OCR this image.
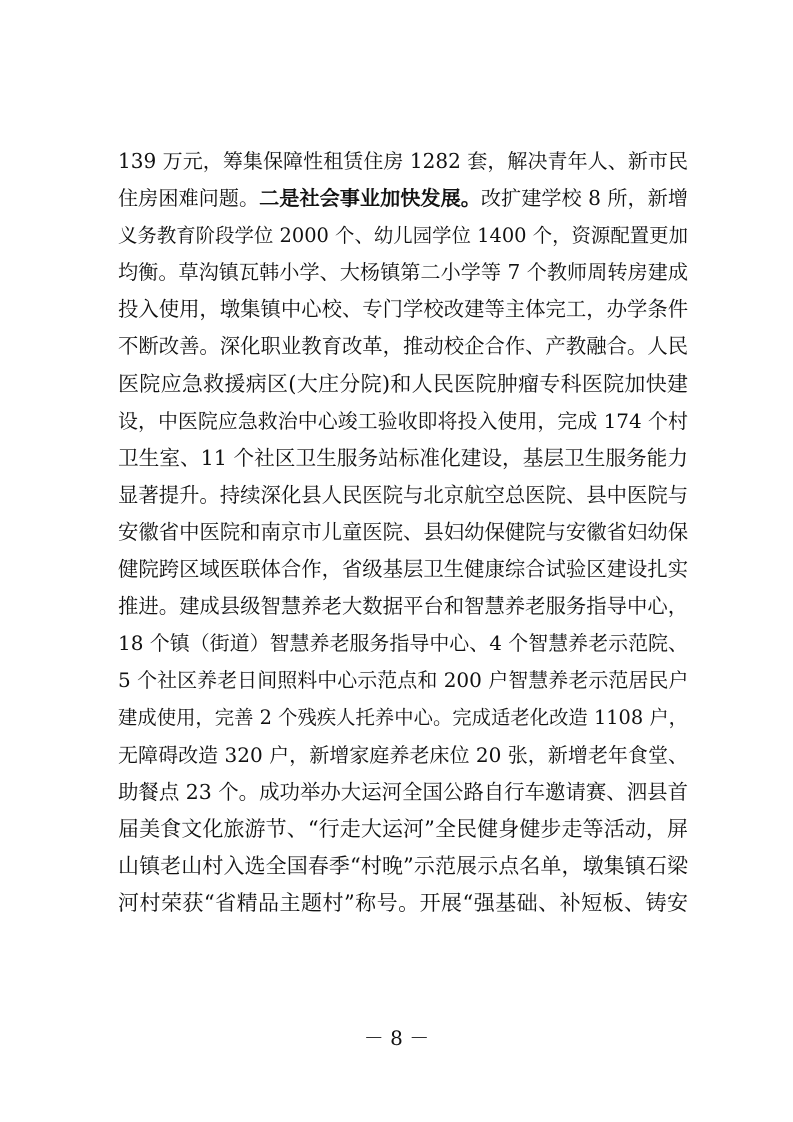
139 万元，筹集保障性租赁住房 1282 套，解决青年人、新市民
住房困难问题。二是社会事业加快发展。改扩建学校 8 所，新增
义务教育阶段学位 2000 个、幼儿园学位 1400 个，资源配置更加
均衡。草沟镇瓦韩小学、大杨镇第二小学等 7 个教师周转房建成
投入使用，墩集镇中心校、专门学校改建等主体完工，办学条件
不断改善。深化职业教育改革，推动校企合作、产教融合。人民
医院应急救援病区(大庄分院)和人民医院肿瘤专科医院加快建
设，中医院应急救治中心竣工验收即将投入使用，完成 174 个村
卫生室、11 个社区卫生服务站标准化建设，基层卫生服务能力
显著提升。持续深化县人民医院与北京航空总医院、县中医院与
安徽省中医院和南京市儿童医院、县妇幼保健院与安徽省妇幼保
健院跨区域医联体合作，省级基层卫生健康综合试验区建设扎实
推进。建成县级智慧养老大数据平台和智慧养老服务指导中心，
18 个镇（街道）智慧养老服务指导中心、4 个智慧养老示范院、
5 个社区养老日间照料中心示范点和 200 户智慧养老示范居民户
建成使用，完善 2 个残疾人托养中心。完成适老化改造 1108 户，
无障碍改造 320 户，新增家庭养老床位 20 张，新增老年食堂、
助餐点 23 个。成功举办大运河全国公路自行车邀请赛、泗县首
届美食文化旅游节、“行走大运河”全民健身健步走等活动，屏
山镇老山村入选全国春季“村晚”示范展示点名单，墩集镇石梁
河村荣获“省精品主题村”称号。开展“强基础、补短板、铸安
－ 8 －
